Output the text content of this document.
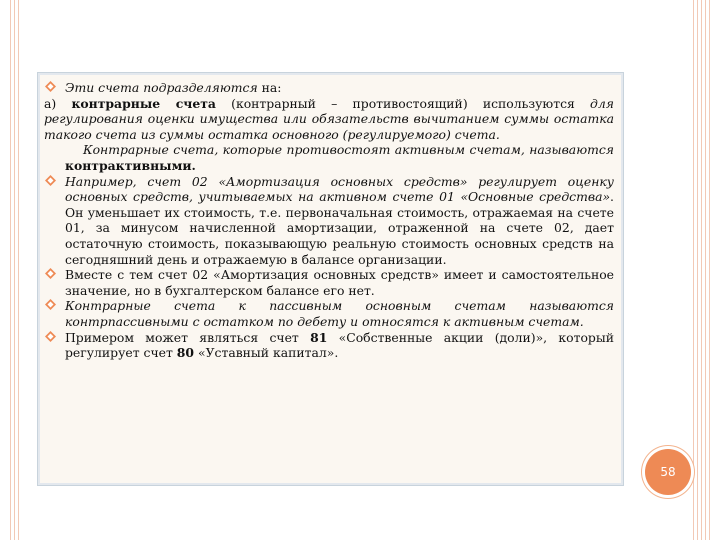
Эти счета подразделяются на:
а) контрарные счета (контрарный – противостоящий) используются для регулирования оценки имущества или обязательств вычитанием суммы остатка такого счета из суммы остатка основного (регулируемого) счета.
Контрарные счета, которые противостоят активным счетам, называются контрактивными.
Например, счет 02 «Амортизация основных средств» регулирует оценку основных средств, учитываемых на активном счете 01 «Основные средства». Он уменьшает их стоимость, т.е. первоначальная стоимость, отражаемая на счете 01, за минусом начисленной амортизации, отраженной на счете 02, дает остаточную стоимость, показывающую реальную стоимость основных средств на сегодняшний день и отражаемую в балансе организации.
Вместе с тем счет 02 «Амортизация основных средств» имеет и самостоятельное значение, но в бухгалтерском балансе его нет.
Контрарные счета к пассивным основным счетам называются контрпассивными с остатком по дебету и относятся к активным счетам.
Примером может являться счет 81 «Собственные акции (доли)», который регулирует счет 80 «Уставный капитал».
58
